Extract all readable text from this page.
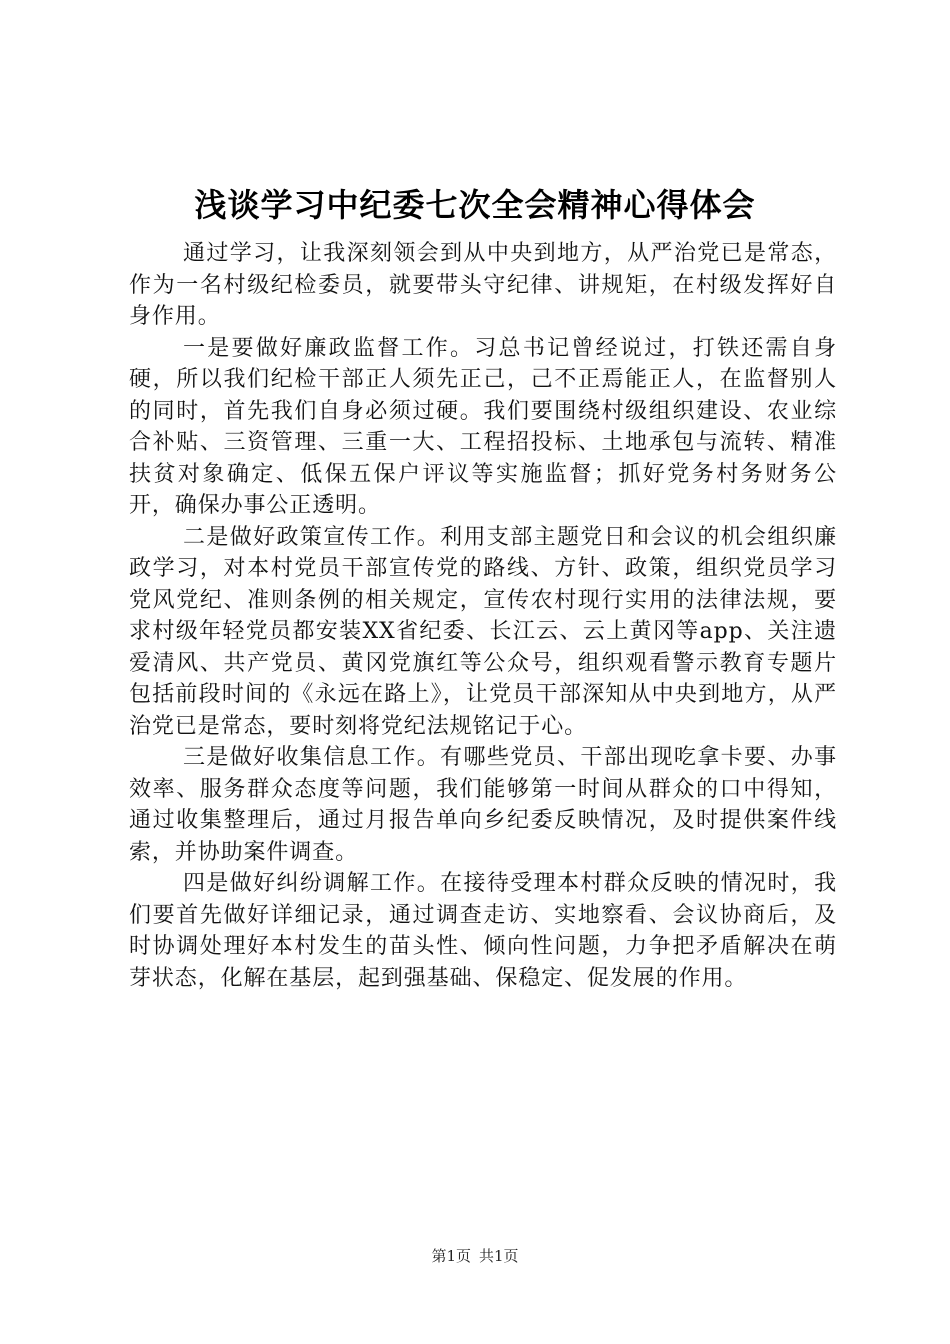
浅谈学习中纪委七次全会精神心得体会

通过学习，让我深刻领会到从中央到地方，从严治党已是常态，作为一名村级纪检委员，就要带头守纪律、讲规矩，在村级发挥好自身作用。

一是要做好廉政监督工作。习总书记曾经说过，打铁还需自身硬，所以我们纪检干部正人须先正己，己不正焉能正人，在监督别人的同时，首先我们自身必须过硬。我们要围绕村级组织建设、农业综合补贴、三资管理、三重一大、工程招投标、土地承包与流转、精准扶贫对象确定、低保五保户评议等实施监督；抓好党务村务财务公开，确保办事公正透明。

二是做好政策宣传工作。利用支部主题党日和会议的机会组织廉政学习，对本村党员干部宣传党的路线、方针、政策，组织党员学习党风党纪、准则条例的相关规定，宣传农村现行实用的法律法规，要求村级年轻党员都安装XX省纪委、长江云、云上黄冈等app、关注遗爱清风、共产党员、黄冈党旗红等公众号，组织观看警示教育专题片包括前段时间的《永远在路上》，让党员干部深知从中央到地方，从严治党已是常态，要时刻将党纪法规铭记于心。

三是做好收集信息工作。有哪些党员、干部出现吃拿卡要、办事效率、服务群众态度等问题，我们能够第一时间从群众的口中得知，通过收集整理后，通过月报告单向乡纪委反映情况，及时提供案件线索，并协助案件调查。

四是做好纠纷调解工作。在接待受理本村群众反映的情况时，我们要首先做好详细记录，通过调查走访、实地察看、会议协商后，及时协调处理好本村发生的苗头性、倾向性问题，力争把矛盾解决在萌芽状态，化解在基层，起到强基础、保稳定、促发展的作用。

第1页 共1页
